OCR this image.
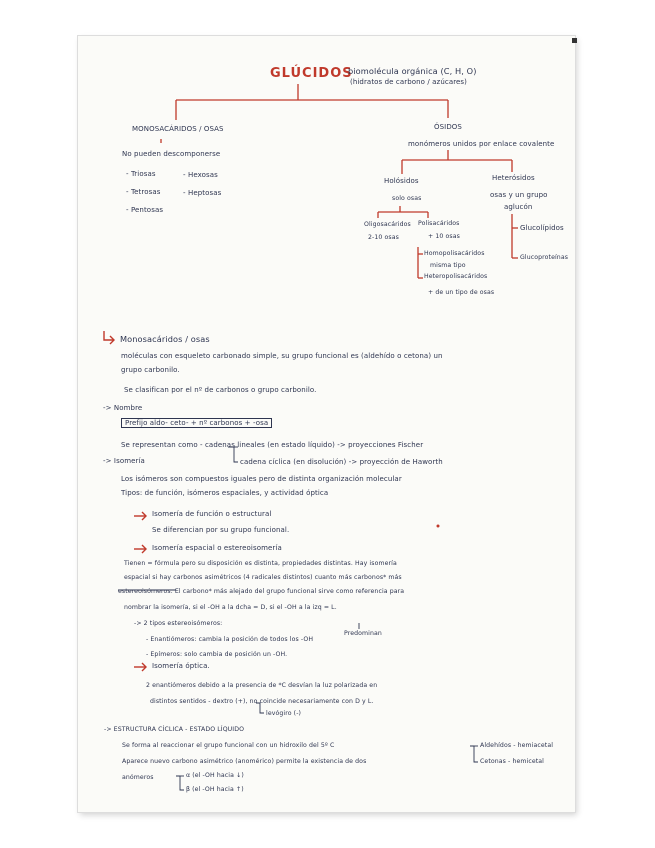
GLÚCIDOS
biomolécula orgánica (C, H, O)
(hidratos de carbono / azúcares)
MONOSACÁRIDOS / OSAS
No pueden descomponerse
- Triosas
- Tetrosas
- Pentosas
- Hexosas
- Heptosas
ÓSIDOS
monómeros unidos por enlace covalente
Holósidos
solo osas
Heterósidos
osas y un grupo
aglucón
Oligosacáridos
2-10 osas
Polisacáridos
+ 10 osas
Homopolisacáridos
misma tipo
Heteropolisacáridos
+ de un tipo de osas
Glucolípidos
Glucoproteínas
Monosacáridos / osas
moléculas con esqueleto carbonado simple, su grupo funcional es (aldehído o cetona) un
grupo carbonilo.
Se clasifican por el nº de carbonos o grupo carbonilo.
-> Nombre
Prefijo aldo- ceto- + nº carbonos + -osa
Se representan como - cadenas lineales (en estado líquido) -> proyecciones Fischer
-> Isomería	cadena cíclica (en disolución) -> proyección de Haworth
Los isómeros son compuestos iguales pero de distinta organización molecular
Tipos: de función, isómeros espaciales, y actividad óptica
Isomería de función o estructural
Se diferencian por su grupo funcional.
Isomería espacial o estereoisomería
Tienen = fórmula pero su disposición es distinta, propiedades distintas. Hay isomería
espacial si hay carbonos asimétricos (4 radicales distintos) cuanto más carbonos* más
estereoisómeros. El carbono* más alejado del grupo funcional sirve como referencia para
nombrar la isomería, si el -OH a la dcha = D, si el -OH a la izq = L.
Predominan
-> 2 tipos estereoisómeros:
- Enantiómeros: cambia la posición de todos los -OH
- Epímeros: solo cambia de posición un -OH.
Isomería óptica.
2 enantiómeros debido a la presencia de *C desvían la luz polarizada en
distintos sentidos - dextro (+), no coincide necesariamente con D y L.
levógiro (-)
-> ESTRUCTURA CÍCLICA - ESTADO LÍQUIDO
Se forma al reaccionar el grupo funcional con un hidroxilo del 5º C
Aparece nuevo carbono asimétrico (anomérico) permite la existencia de dos
anómeros	α (el -OH hacia ↓)
β (el -OH hacia ↑)
Aldehídos - hemiacetal
Cetonas - hemicetal
